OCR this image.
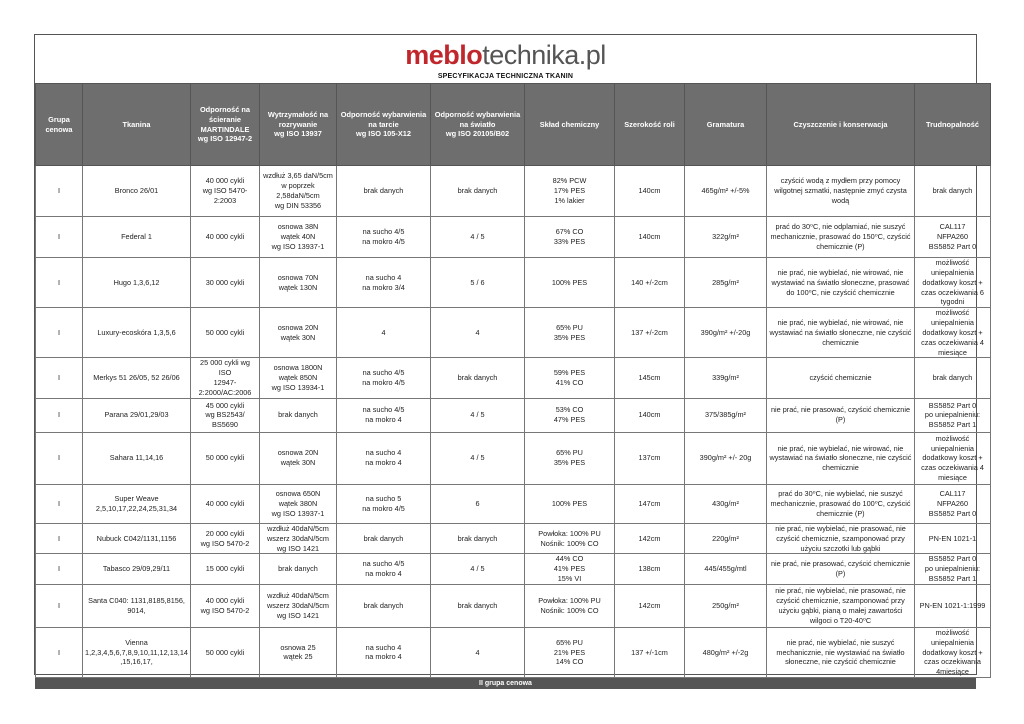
meblotechnika.pl
SPECYFIKACJA TECHNICZNA TKANIN
Grupa
cenowa	Tkanina	Odporność na
ścieranie
MARTINDALE
wg ISO 12947-2	Wytrzymałość na
rozrywanie
wg ISO 13937	Odporność wybarwienia
na tarcie
wg ISO 105-X12	Odporność wybarwienia
na światło
wg ISO 20105/B02	Skład chemiczny	Szerokość roli	Gramatura	Czyszczenie i konserwacja	Trudnopalność
I	Bronco 26/01	40 000 cykli
wg ISO 5470-2:2003	wzdłuż 3,65 daN/5cm
w poprzek
2,58daN/5cm
wg DIN 53356	brak danych	brak danych	82% PCW
17% PES
1% lakier	140cm	465g/m² +/-5%	czyścić wodą z mydłem przy pomocy
wilgotnej szmatki, następnie zmyć czysta
wodą	brak danych
I	Federal 1	40 000 cykli	osnowa 38N
wątek 40N
wg ISO 13937-1	na sucho 4/5
na mokro 4/5	4 / 5	67% CO
33% PES	140cm	322g/m²	prać do 30⁰C, nie odplamiać, nie suszyć
mechanicznie, prasować do 150⁰C, czyścić
chemicznie (P)	CAL117
NFPA260
BS5852 Part 0
I	Hugo 1,3,6,12	30 000 cykli	osnowa 70N
wątek 130N	na sucho 4
na mokro 3/4	5 / 6	100% PES	140 +/-2cm	285g/m²	nie prać, nie wybielać, nie wirować, nie
wystawiać na światło słoneczne, prasować
do 100⁰C, nie czyścić chemicznie	możliwość
uniepalnienia
dodatkowy koszt +
czas oczekiwania 6
tygodni
I	Luxury-ecoskóra 1,3,5,6	50 000 cykli	osnowa 20N
wątek 30N	4	4	65% PU
35% PES	137 +/-2cm	390g/m² +/-20g	nie prać, nie wybielać, nie wirować, nie
wystawiać na światło słoneczne, nie czyścić
chemicznie	możliwość
uniepalnienia
dodatkowy koszt +
czas oczekiwania 4
miesiące
I	Merkys 51 26/05, 52 26/06	25 000 cykli wg ISO
12947-
2:2000/AC:2006	osnowa 1800N
wątek 850N
wg ISO 13934-1	na sucho 4/5
na mokro 4/5	brak danych	59% PES
41% CO	145cm	339g/m²	czyścić chemicznie	brak danych
I	Parana 29/01,29/03	45 000 cykli
wg BS2543/
BS5690	brak danych	na sucho 4/5
na mokro 4	4 / 5	53% CO
47% PES	140cm	375/385g/m²	nie prać, nie prasować, czyścić chemicznie
(P)	BS5852 Part 0
po uniepalnieniu:
BS5852 Part 1
I	Sahara 11,14,16	50 000 cykli	osnowa 20N
wątek 30N	na sucho 4
na mokro 4	4 / 5	65% PU
35% PES	137cm	390g/m² +/- 20g	nie prać, nie wybielać, nie wirować, nie
wystawiać na światło słoneczne, nie czyścić
chemicznie	możliwość
uniepalnienia
dodatkowy koszt +
czas oczekiwania 4
miesiące
I	Super Weave
2,5,10,17,22,24,25,31,34	40 000 cykli	osnowa 650N
wątek 380N
wg ISO 13937-1	na sucho 5
na mokro 4/5	6	100% PES	147cm	430g/m²	prać do 30⁰C, nie wybielać, nie suszyć
mechanicznie, prasować do 100⁰C, czyścić
chemicznie (P)	CAL117
NFPA260
BS5852 Part 0
I	Nubuck C042/1131,1156	20 000 cykli
wg ISO 5470-2	wzdłuż 40daN/5cm
wszerz 30daN/5cm
wg ISO 1421	brak danych	brak danych	Powłoka: 100% PU
Nośnik: 100% CO	142cm	220g/m²	nie prać, nie wybielać, nie prasować, nie
czyścić chemicznie, szamponować przy
użyciu szczotki lub gąbki	PN-EN 1021-1
I	Tabasco 29/09,29/11	15 000 cykli	brak danych	na sucho 4/5
na mokro 4	4 / 5	44% CO
41% PES
15% VI	138cm	445/455g/mtl	nie prać, nie prasować, czyścić chemicznie
(P)	BS5852 Part 0
po uniepalnieniu:
BS5852 Part 1
I	Santa C040: 1131,8185,8156,
9014,	40 000 cykli
wg ISO 5470-2	wzdłuż 40daN/5cm
wszerz 30daN/5cm
wg ISO 1421	brak danych	brak danych	Powłoka: 100% PU
Nośnik: 100% CO	142cm	250g/m²	nie prać, nie wybielać, nie prasować, nie
czyścić chemicznie, szamponować przy
użyciu gąbki, pianą o małej zawartości
wilgoci o T20-40⁰C	PN-EN 1021-1:1999
I	Vienna
1,2,3,4,5,6,7,8,9,10,11,12,13,14
,15,16,17,	50 000 cykli	osnowa 25
wątek 25	na sucho 4
na mokro 4	4	65% PU
21% PES
14% CO	137 +/-1cm	480g/m² +/-2g	nie prać, nie wybielać, nie suszyć
mechanicznie, nie wystawiać na światło
słoneczne, nie czyścić chemicznie	możliwość
uniepalnienia
dodatkowy koszt +
czas oczekiwania
4miesiące
II grupa cenowa
